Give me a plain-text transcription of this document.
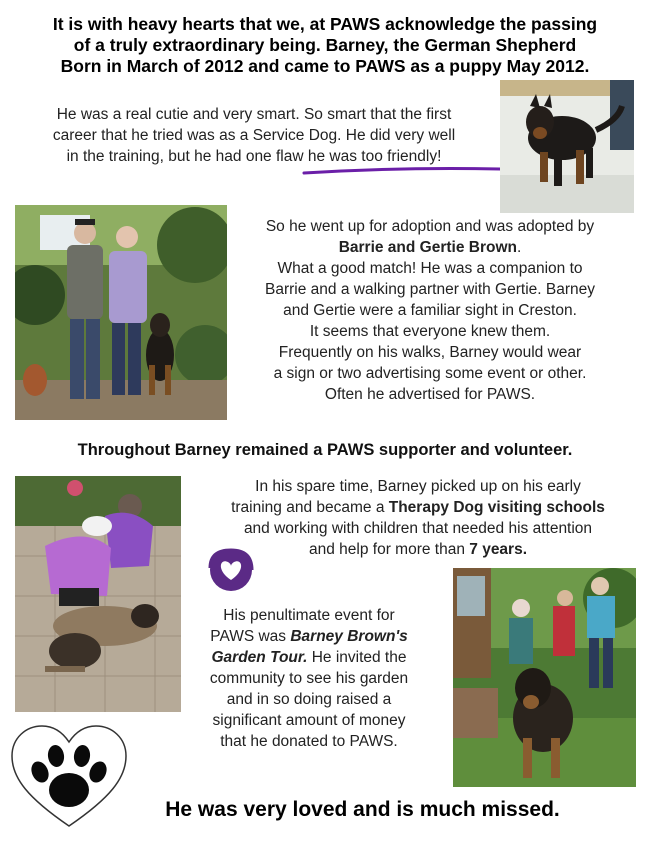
It is with heavy hearts that we, at PAWS acknowledge the passing
of a truly extraordinary being. Barney, the German Shepherd
Born in March of 2012 and came to PAWS as a puppy May 2012.
He was a real cutie and very smart. So smart that the first
career that he tried was as a Service Dog. He did very well
in the training, but he had one flaw he was too friendly!
So he went up for adoption and was adopted by
Barrie and Gertie Brown.
What a good match! He was a companion to
Barrie and a walking partner with Gertie. Barney
and Gertie were a familiar sight in Creston.
It seems that everyone knew them.
Frequently on his walks, Barney would wear
a sign or two advertising some event or other.
Often he advertised for PAWS.
Throughout Barney remained a PAWS supporter and volunteer.
In his spare time, Barney picked up on his early
training and became a Therapy Dog visiting schools
and working with children that needed his attention
and help for more than 7 years.
His penultimate event for
PAWS was Barney Brown's
Garden Tour. He invited the
community to see his garden
and in so doing raised a
significant amount of money
that he donated to PAWS.
He was very loved and is much missed.
